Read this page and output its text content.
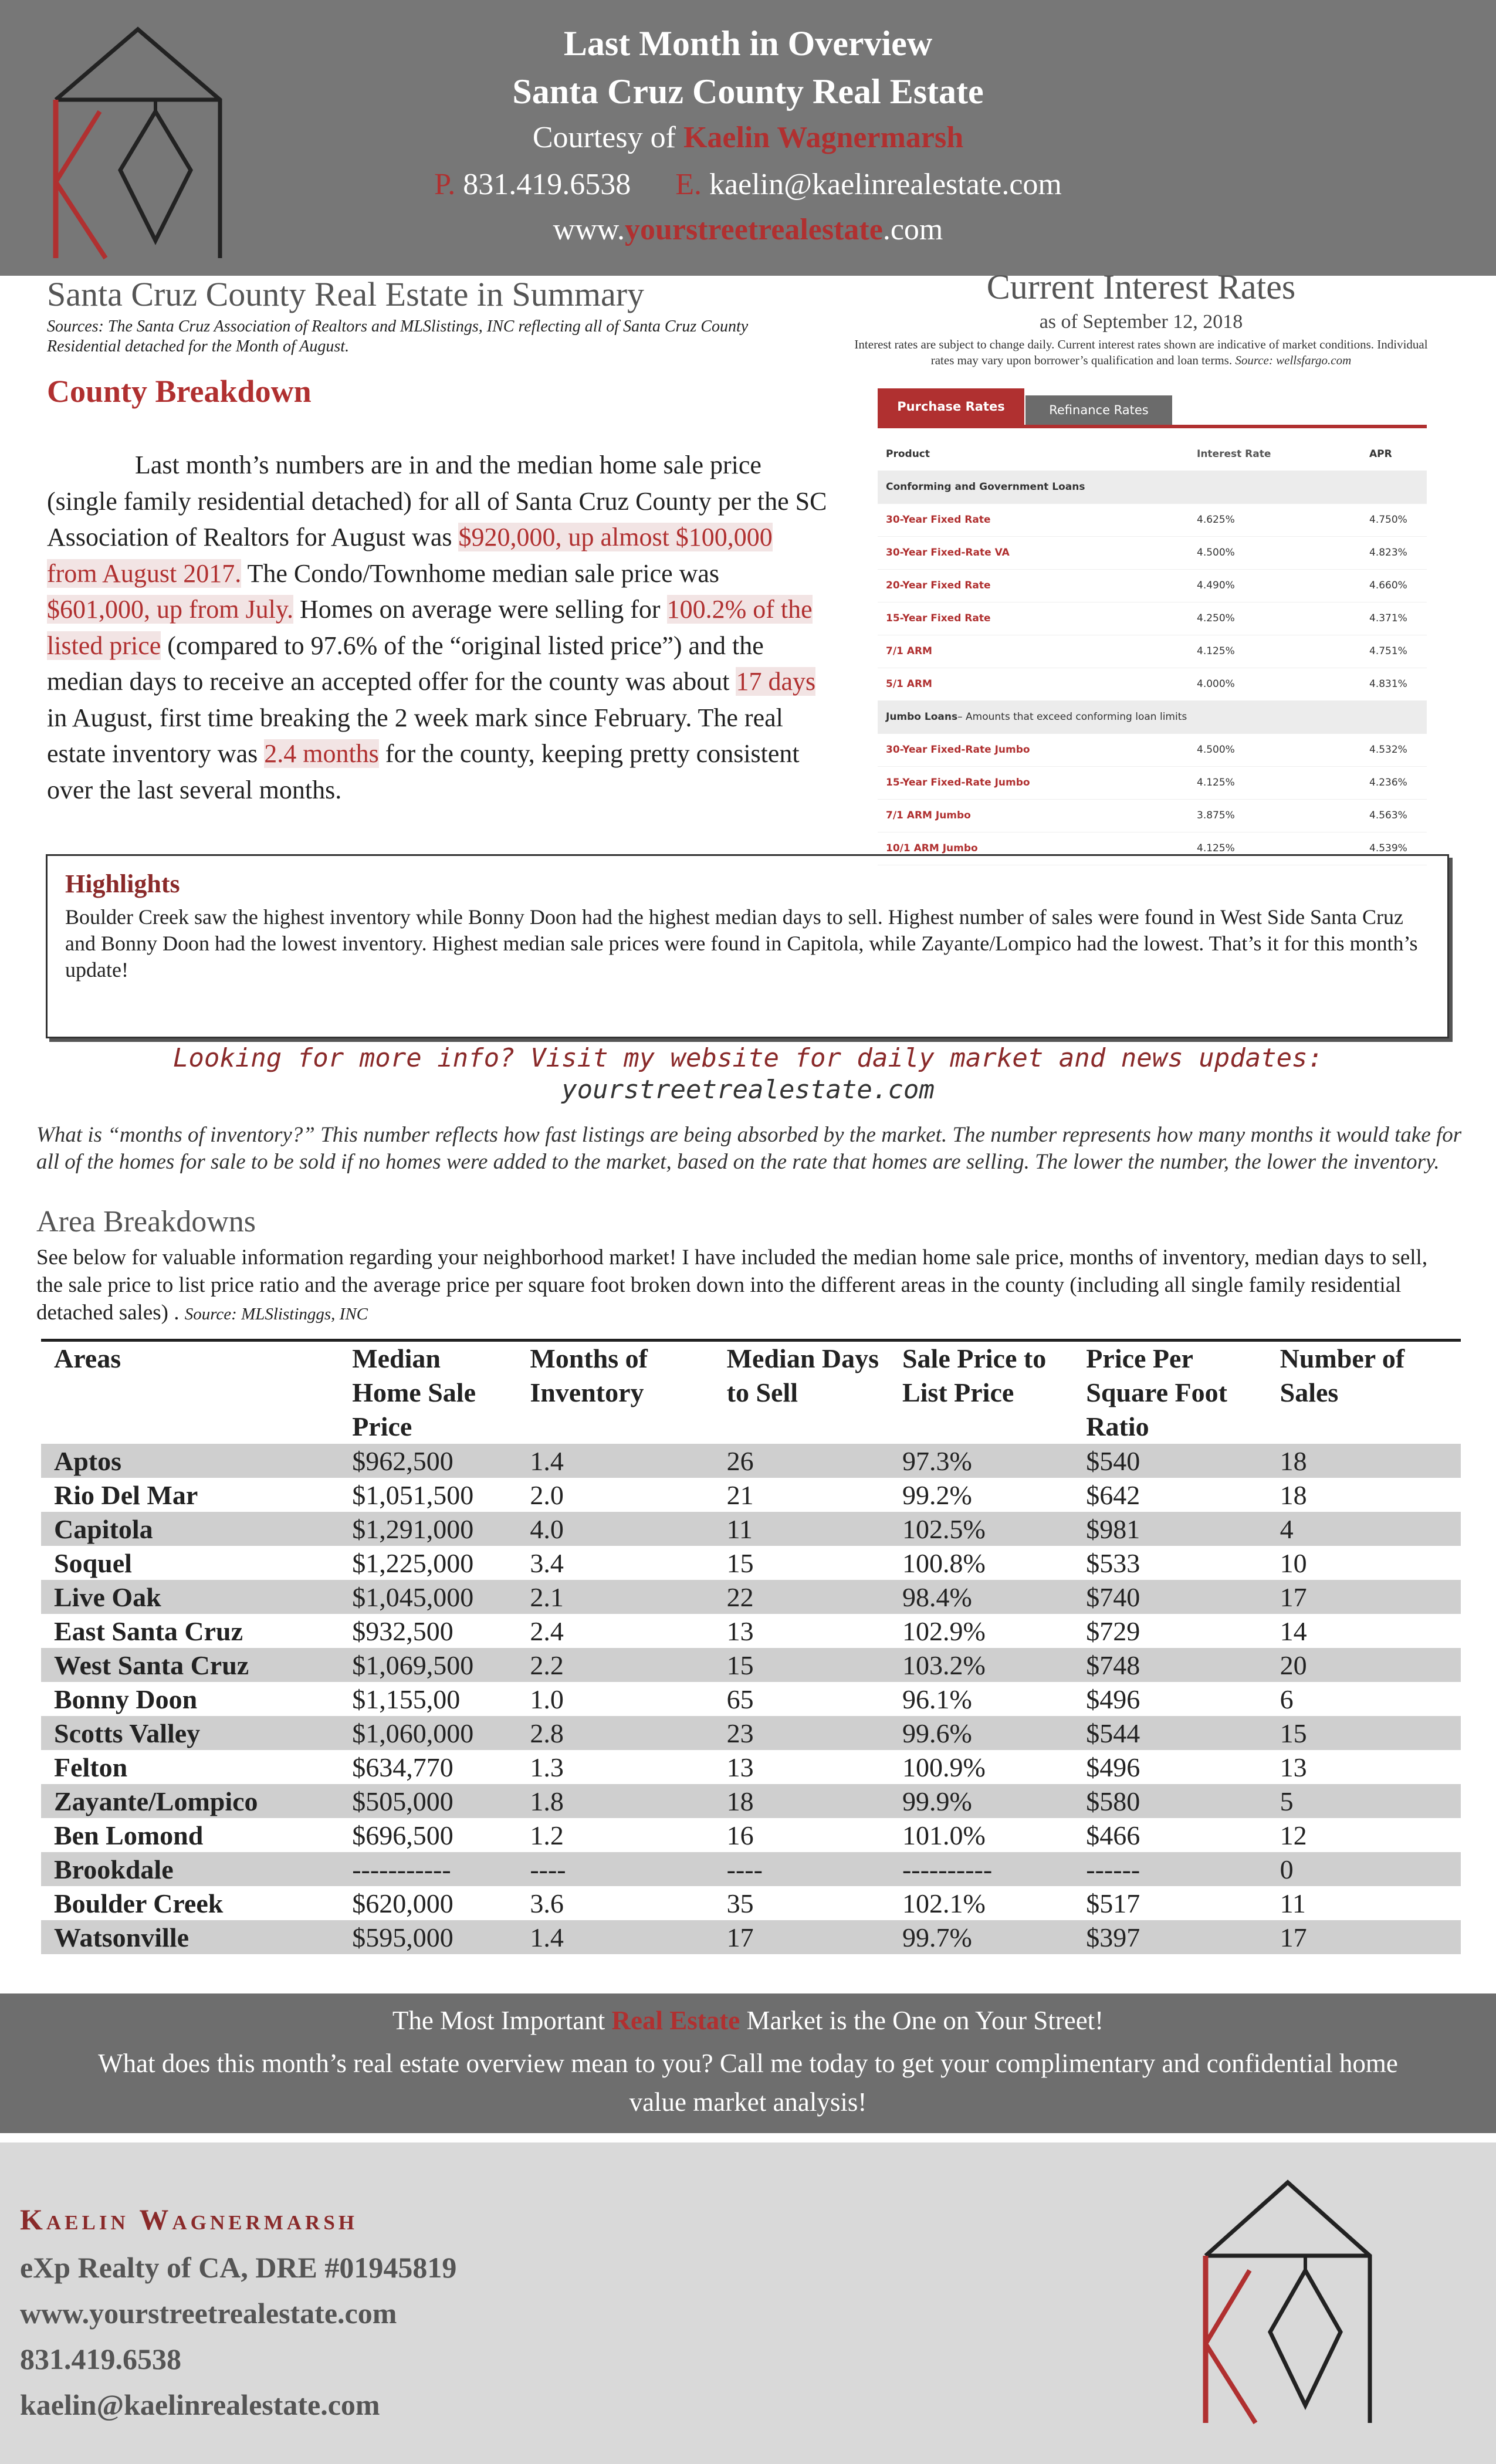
Last Month in Overview
Santa Cruz County Real Estate
Courtesy of Kaelin Wagnermarsh
P. 831.419.6538 E. kaelin@kaelinrealestate.com
www.yourstreetrealestate.com
Santa Cruz County Real Estate in Summary
Sources: The Santa Cruz Association of Realtors and MLSlistings, INC reflecting all of Santa Cruz County Residential detached for the Month of August.
County Breakdown
Last month’s numbers are in and the median home sale price (single family residential detached) for all of Santa Cruz County per the SC Association of Realtors for August was $920,000, up almost $100,000 from August 2017. The Condo/Townhome median sale price was $601,000, up from July. Homes on average were selling for 100.2% of the listed price (compared to 97.6% of the “original listed price”) and the median days to receive an accepted offer for the county was about 17 days in August, first time breaking the 2 week mark since February. The real estate inventory was 2.4 months for the county, keeping pretty consistent over the last several months.
Current Interest Rates
as of September 12, 2018
Interest rates are subject to change daily. Current interest rates shown are indicative of market conditions. Individual rates may vary upon borrower’s qualification and loan terms. Source: wellsfargo.com
Purchase Rates	Refinance Rates
Product	Interest Rate	APR
Conforming and Government Loans
30-Year Fixed Rate	4.625%	4.750%
30-Year Fixed-Rate VA	4.500%	4.823%
20-Year Fixed Rate	4.490%	4.660%
15-Year Fixed Rate	4.250%	4.371%
7/1 ARM	4.125%	4.751%
5/1 ARM	4.000%	4.831%
Jumbo Loans– Amounts that exceed conforming loan limits
30-Year Fixed-Rate Jumbo	4.500%	4.532%
15-Year Fixed-Rate Jumbo	4.125%	4.236%
7/1 ARM Jumbo	3.875%	4.563%
10/1 ARM Jumbo	4.125%	4.539%
Highlights
Boulder Creek saw the highest inventory while Bonny Doon had the highest median days to sell. Highest number of sales were found in West Side Santa Cruz and Bonny Doon had the lowest inventory. Highest median sale prices were found in Capitola, while Zayante/Lompico had the lowest. That’s it for this month’s update!
Looking for more info? Visit my website for daily market and news updates:
yourstreetrealestate.com
What is “months of inventory?” This number reflects how fast listings are being absorbed by the market. The number represents how many months it would take for all of the homes for sale to be sold if no homes were added to the market, based on the rate that homes are selling. The lower the number, the lower the inventory.
Area Breakdowns
See below for valuable information regarding your neighborhood market! I have included the median home sale price, months of inventory, median days to sell, the sale price to list price ratio and the average price per square foot broken down into the different areas in the county (including all single family residential detached sales) . Source: MLSlistinggs, INC
Areas	Median Home Sale Price	Months of Inventory	Median Days to Sell	Sale Price to List Price	Price Per Square Foot Ratio	Number of Sales
Aptos	$962,500	1.4	26	97.3%	$540	18
Rio Del Mar	$1,051,500	2.0	21	99.2%	$642	18
Capitola	$1,291,000	4.0	11	102.5%	$981	4
Soquel	$1,225,000	3.4	15	100.8%	$533	10
Live Oak	$1,045,000	2.1	22	98.4%	$740	17
East Santa Cruz	$932,500	2.4	13	102.9%	$729	14
West Santa Cruz	$1,069,500	2.2	15	103.2%	$748	20
Bonny Doon	$1,155,00	1.0	65	96.1%	$496	6
Scotts Valley	$1,060,000	2.8	23	99.6%	$544	15
Felton	$634,770	1.3	13	100.9%	$496	13
Zayante/Lompico	$505,000	1.8	18	99.9%	$580	5
Ben Lomond	$696,500	1.2	16	101.0%	$466	12
Brookdale	-----------	----	----	----------	------	0
Boulder Creek	$620,000	3.6	35	102.1%	$517	11
Watsonville	$595,000	1.4	17	99.7%	$397	17
The Most Important Real Estate Market is the One on Your Street!
What does this month’s real estate overview mean to you? Call me today to get your complimentary and confidential home value market analysis!
Kaelin Wagnermarsh
eXp Realty of CA, DRE #01945819
www.yourstreetrealestate.com
831.419.6538
kaelin@kaelinrealestate.com
